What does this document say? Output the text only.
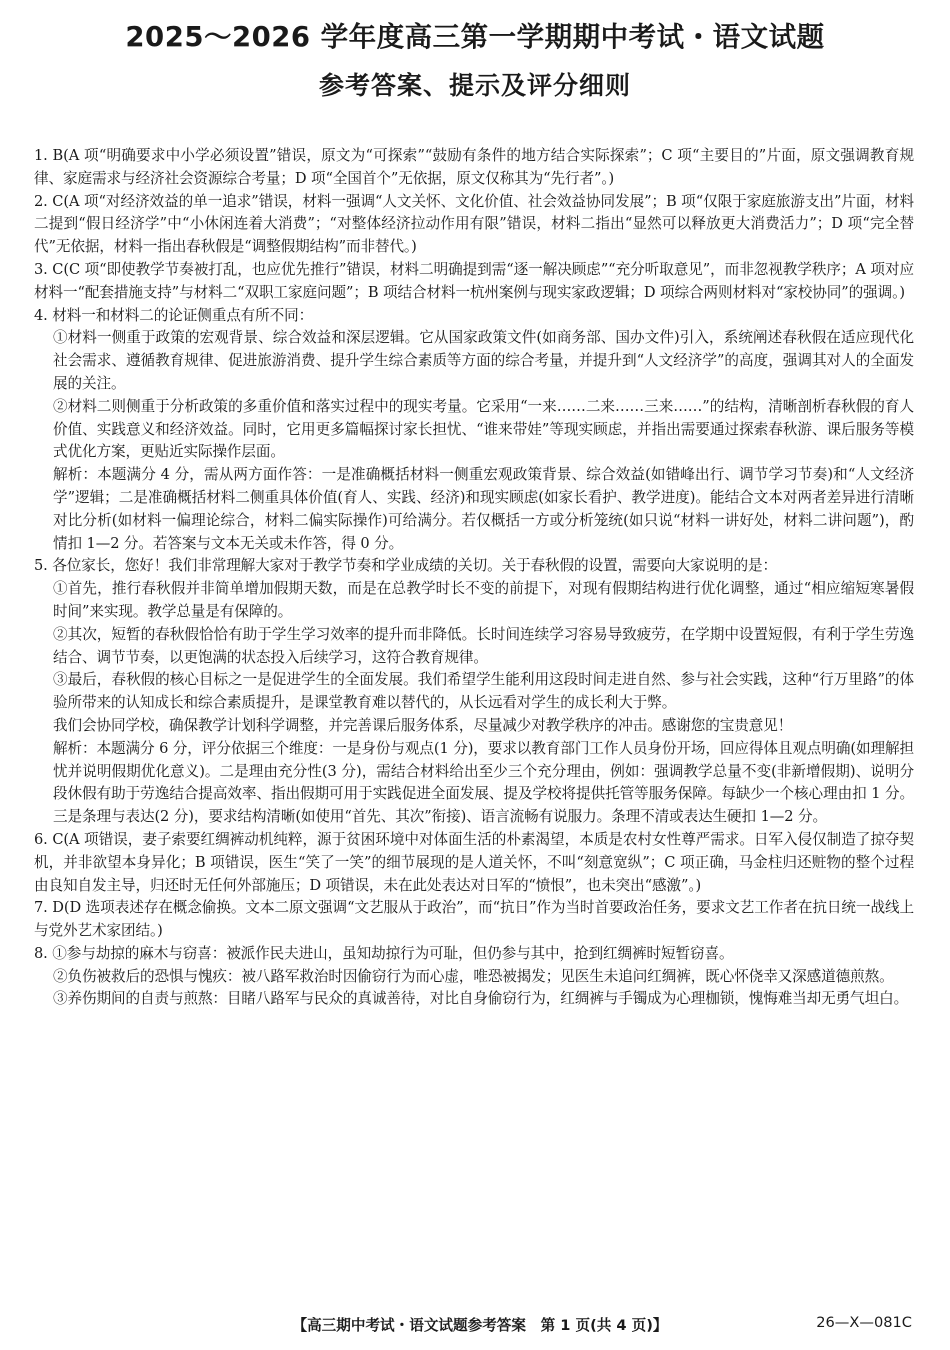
2025～2026 学年度高三第一学期期中考试・语文试题
参考答案、提示及评分细则

1. B(A 项“明确要求中小学必须设置”错误，原文为“可探索”“鼓励有条件的地方结合实际探索”；C 项“主要目的”片面，原文强调教育规律、家庭需求与经济社会资源综合考量；D 项“全国首个”无依据，原文仅称其为“先行者”。)

2. C(A 项“对经济效益的单一追求”错误，材料一强调“人文关怀、文化价值、社会效益协同发展”；B 项“仅限于家庭旅游支出”片面，材料二提到“假日经济学”中“小休闲连着大消费”；“对整体经济拉动作用有限”错误，材料二指出“显然可以释放更大消费活力”；D 项“完全替代”无依据，材料一指出春秋假是“调整假期结构”而非替代。)

3. C(C 项“即使教学节奏被打乱，也应优先推行”错误，材料二明确提到需“逐一解决顾虑”“充分听取意见”，而非忽视教学秩序；A 项对应材料一“配套措施支持”与材料二“双职工家庭问题”；B 项结合材料一杭州案例与现实家政逻辑；D 项综合两则材料对“家校协同”的强调。)

4. 材料一和材料二的论证侧重点有所不同：

①材料一侧重于政策的宏观背景、综合效益和深层逻辑。它从国家政策文件(如商务部、国办文件)引入，系统阐述春秋假在适应现代化社会需求、遵循教育规律、促进旅游消费、提升学生综合素质等方面的综合考量，并提升到“人文经济学”的高度，强调其对人的全面发展的关注。

②材料二则侧重于分析政策的多重价值和落实过程中的现实考量。它采用“一来……二来……三来……”的结构，清晰剖析春秋假的育人价值、实践意义和经济效益。同时，它用更多篇幅探讨家长担忧、“谁来带娃”等现实顾虑，并指出需要通过探索春秋游、课后服务等模式优化方案，更贴近实际操作层面。

解析：本题满分 4 分，需从两方面作答：一是准确概括材料一侧重宏观政策背景、综合效益(如错峰出行、调节学习节奏)和“人文经济学”逻辑；二是准确概括材料二侧重具体价值(育人、实践、经济)和现实顾虑(如家长看护、教学进度)。能结合文本对两者差异进行清晰对比分析(如材料一偏理论综合，材料二偏实际操作)可给满分。若仅概括一方或分析笼统(如只说“材料一讲好处，材料二讲问题”)，酌情扣 1—2 分。若答案与文本无关或未作答，得 0 分。

5. 各位家长，您好！我们非常理解大家对于教学节奏和学业成绩的关切。关于春秋假的设置，需要向大家说明的是：

①首先，推行春秋假并非简单增加假期天数，而是在总教学时长不变的前提下，对现有假期结构进行优化调整，通过“相应缩短寒暑假时间”来实现。教学总量是有保障的。

②其次，短暂的春秋假恰恰有助于学生学习效率的提升而非降低。长时间连续学习容易导致疲劳，在学期中设置短假，有利于学生劳逸结合、调节节奏，以更饱满的状态投入后续学习，这符合教育规律。

③最后，春秋假的核心目标之一是促进学生的全面发展。我们希望学生能利用这段时间走进自然、参与社会实践，这种“行万里路”的体验所带来的认知成长和综合素质提升，是课堂教育难以替代的，从长远看对学生的成长利大于弊。

我们会协同学校，确保教学计划科学调整，并完善课后服务体系，尽量减少对教学秩序的冲击。感谢您的宝贵意见！

解析：本题满分 6 分，评分依据三个维度：一是身份与观点(1 分)，要求以教育部门工作人员身份开场，回应得体且观点明确(如理解担忧并说明假期优化意义)。二是理由充分性(3 分)，需结合材料给出至少三个充分理由，例如：强调教学总量不变(非新增假期)、说明分段休假有助于劳逸结合提高效率、指出假期可用于实践促进全面发展、提及学校将提供托管等服务保障。每缺少一个核心理由扣 1 分。三是条理与表达(2 分)，要求结构清晰(如使用“首先、其次”衔接)、语言流畅有说服力。条理不清或表达生硬扣 1—2 分。

6. C(A 项错误，妻子索要红绸裤动机纯粹，源于贫困环境中对体面生活的朴素渴望，本质是农村女性尊严需求。日军入侵仅制造了掠夺契机，并非欲望本身异化；B 项错误，医生“笑了一笑”的细节展现的是人道关怀，不叫“刻意宽纵”；C 项正确，马金柱归还赃物的整个过程由良知自发主导，归还时无任何外部施压；D 项错误，未在此处表达对日军的“愤恨”，也未突出“感激”。)

7. D(D 选项表述存在概念偷换。文本二原文强调“文艺服从于政治”，而“抗日”作为当时首要政治任务，要求文艺工作者在抗日统一战线上与党外艺术家团结。)

8. ①参与劫掠的麻木与窃喜：被派作民夫进山，虽知劫掠行为可耻，但仍参与其中，抢到红绸裤时短暂窃喜。

②负伤被救后的恐惧与愧疚：被八路军救治时因偷窃行为而心虚，唯恐被揭发；见医生未追问红绸裤，既心怀侥幸又深感道德煎熬。

③养伤期间的自责与煎熬：目睹八路军与民众的真诚善待，对比自身偷窃行为，红绸裤与手镯成为心理枷锁，愧悔难当却无勇气坦白。

【高三期中考试・语文试题参考答案　第 1 页(共 4 页)】	26—X—081C
